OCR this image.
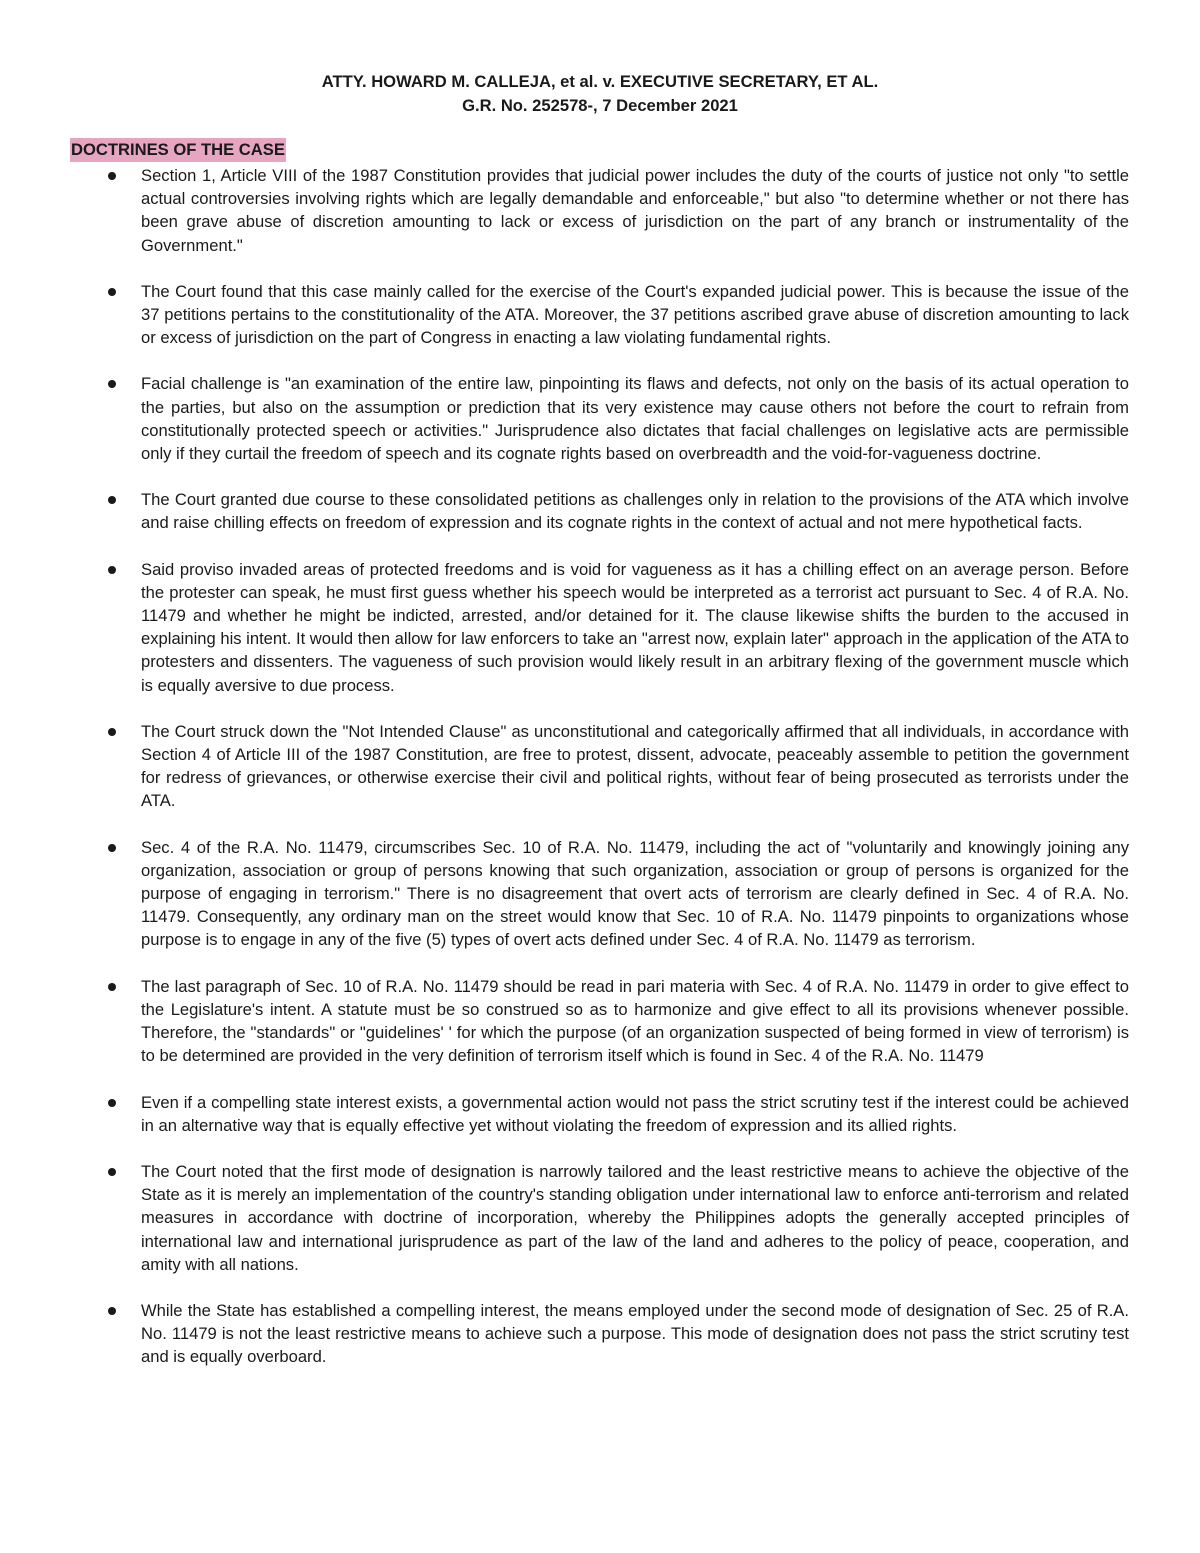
ATTY. HOWARD M. CALLEJA, et al. v. EXECUTIVE SECRETARY, ET AL.
G.R. No. 252578-, 7 December 2021
DOCTRINES OF THE CASE
Section 1, Article VIII of the 1987 Constitution provides that judicial power includes the duty of the courts of justice not only "to settle actual controversies involving rights which are legally demandable and enforceable," but also "to determine whether or not there has been grave abuse of discretion amounting to lack or excess of jurisdiction on the part of any branch or instrumentality of the Government."
The Court found that this case mainly called for the exercise of the Court's expanded judicial power. This is because the issue of the 37 petitions pertains to the constitutionality of the ATA. Moreover, the 37 petitions ascribed grave abuse of discretion amounting to lack or excess of jurisdiction on the part of Congress in enacting a law violating fundamental rights.
Facial challenge is "an examination of the entire law, pinpointing its flaws and defects, not only on the basis of its actual operation to the parties, but also on the assumption or prediction that its very existence may cause others not before the court to refrain from constitutionally protected speech or activities." Jurisprudence also dictates that facial challenges on legislative acts are permissible only if they curtail the freedom of speech and its cognate rights based on overbreadth and the void-for-vagueness doctrine.
The Court granted due course to these consolidated petitions as challenges only in relation to the provisions of the ATA which involve and raise chilling effects on freedom of expression and its cognate rights in the context of actual and not mere hypothetical facts.
Said proviso invaded areas of protected freedoms and is void for vagueness as it has a chilling effect on an average person. Before the protester can speak, he must first guess whether his speech would be interpreted as a terrorist act pursuant to Sec. 4 of R.A. No. 11479 and whether he might be indicted, arrested, and/or detained for it. The clause likewise shifts the burden to the accused in explaining his intent. It would then allow for law enforcers to take an "arrest now, explain later" approach in the application of the ATA to protesters and dissenters. The vagueness of such provision would likely result in an arbitrary flexing of the government muscle which is equally aversive to due process.
The Court struck down the "Not Intended Clause" as unconstitutional and categorically affirmed that all individuals, in accordance with Section 4 of Article III of the 1987 Constitution, are free to protest, dissent, advocate, peaceably assemble to petition the government for redress of grievances, or otherwise exercise their civil and political rights, without fear of being prosecuted as terrorists under the ATA.
Sec. 4 of the R.A. No. 11479, circumscribes Sec. 10 of R.A. No. 11479, including the act of "voluntarily and knowingly joining any organization, association or group of persons knowing that such organization, association or group of persons is organized for the purpose of engaging in terrorism." There is no disagreement that overt acts of terrorism are clearly defined in Sec. 4 of R.A. No. 11479. Consequently, any ordinary man on the street would know that Sec. 10 of R.A. No. 11479 pinpoints to organizations whose purpose is to engage in any of the five (5) types of overt acts defined under Sec. 4 of R.A. No. 11479 as terrorism.
The last paragraph of Sec. 10 of R.A. No. 11479 should be read in pari materia with Sec. 4 of R.A. No. 11479 in order to give effect to the Legislature's intent. A statute must be so construed so as to harmonize and give effect to all its provisions whenever possible. Therefore, the "standards" or "guidelines' ' for which the purpose (of an organization suspected of being formed in view of terrorism) is to be determined are provided in the very definition of terrorism itself which is found in Sec. 4 of the R.A. No. 11479
Even if a compelling state interest exists, a governmental action would not pass the strict scrutiny test if the interest could be achieved in an alternative way that is equally effective yet without violating the freedom of expression and its allied rights.
The Court noted that the first mode of designation is narrowly tailored and the least restrictive means to achieve the objective of the State as it is merely an implementation of the country's standing obligation under international law to enforce anti-terrorism and related measures in accordance with doctrine of incorporation, whereby the Philippines adopts the generally accepted principles of international law and international jurisprudence as part of the law of the land and adheres to the policy of peace, cooperation, and amity with all nations.
While the State has established a compelling interest, the means employed under the second mode of designation of Sec. 25 of R.A. No. 11479 is not the least restrictive means to achieve such a purpose. This mode of designation does not pass the strict scrutiny test and is equally overboard.
